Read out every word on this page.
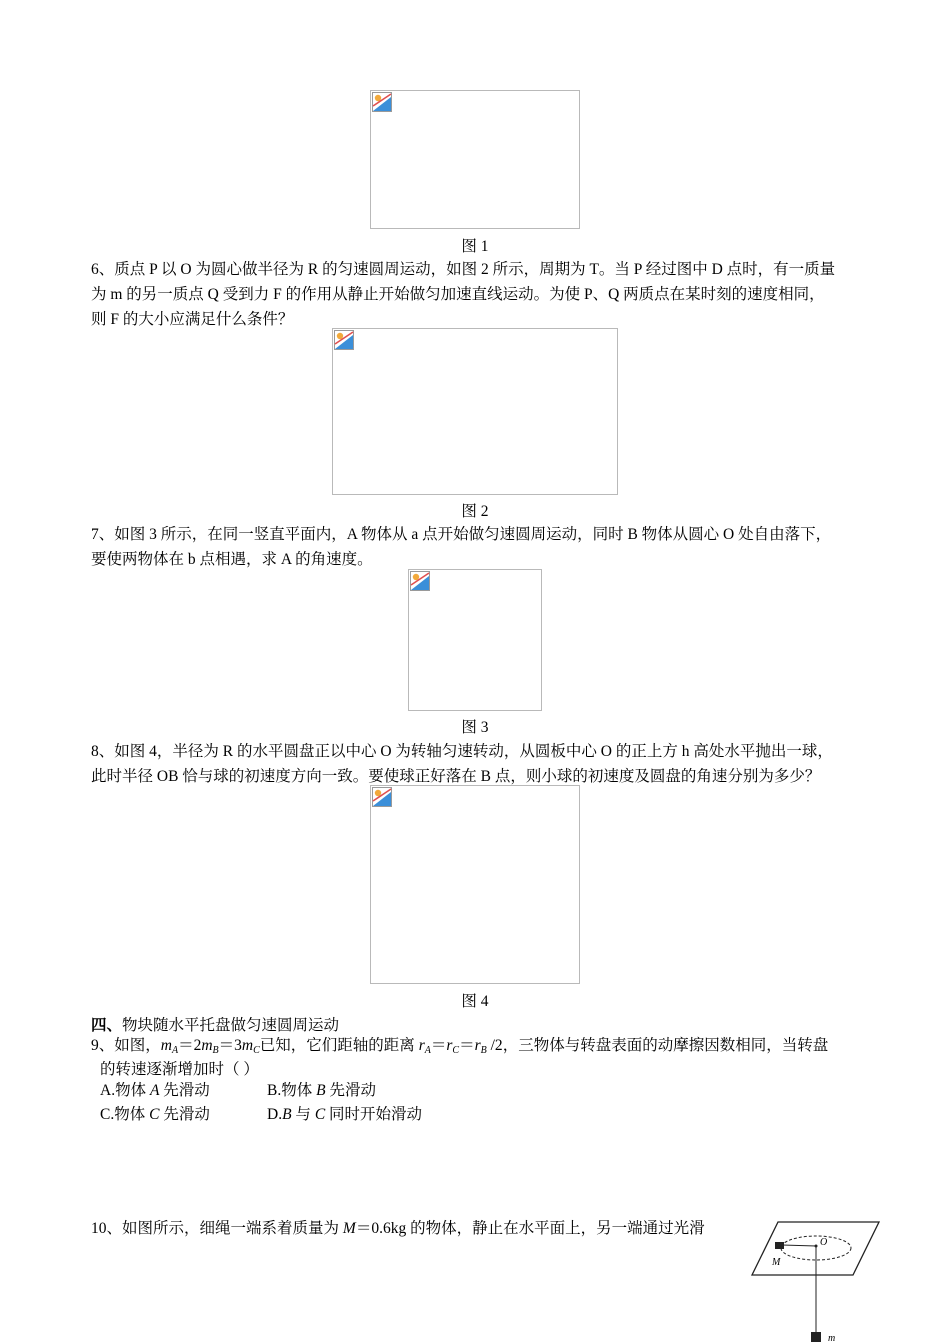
图 1
6、质点 P 以 O 为圆心做半径为 R 的匀速圆周运动，如图 2 所示，周期为 T。当 P 经过图中 D 点时，有一质量
为 m 的另一质点 Q 受到力 F 的作用从静止开始做匀加速直线运动。为使 P、Q 两质点在某时刻的速度相同，
则 F 的大小应满足什么条件？
图 2
7、如图 3 所示，在同一竖直平面内，A 物体从 a 点开始做匀速圆周运动，同时 B 物体从圆心 O 处自由落下，
要使两物体在 b 点相遇，求 A 的角速度。
图 3
8、如图 4，半径为 R 的水平圆盘正以中心 O 为转轴匀速转动，从圆板中心 O 的正上方 h 高处水平抛出一球，
此时半径 OB 恰与球的初速度方向一致。要使球正好落在 B 点，则小球的初速度及圆盘的角速分别为多少？
图 4
四、物块随水平托盘做匀速圆周运动
9、如图，$m_A=2m_B=3m_C$已知，它们距轴的距离 $r_A=r_C=r_B$ /2，三物体与转盘表面的动摩擦因数相同，当转盘
的转速逐渐增加时（ ）
A.物体 A 先滑动	B.物体 B 先滑动
C.物体 C 先滑动	D.B 与 C 同时开始滑动
10、如图所示，细绳一端系着质量为 M＝0.6kg 的物体，静止在水平面上，另一端通过光滑
O
M
m
